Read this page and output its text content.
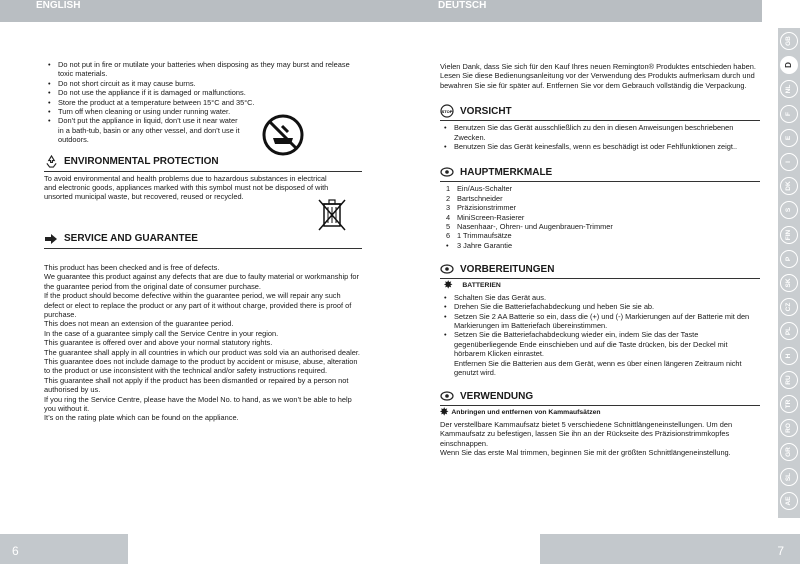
ENGLISH	DEUTSCH
GB
D
NL
F
E
I
DK
S
FIN
P
SK
CZ
PL
H
RU
TR
RO
GR
SL
AE
• Do not put in fire or mutilate your batteries when disposing as they may burst and release toxic materials.
• Do not short circuit as it may cause burns.
• Do not use the appliance if it is damaged or malfunctions.
• Store the product at a temperature between 15°C and 35°C.
• Turn off when cleaning or using under running water.
• Don’t put the appliance in liquid, don’t use it near water in a bath-tub, basin or any other vessel, and don’t use it outdoors.
ENVIRONMENTAL PROTECTION

To avoid environmental and health problems due to hazardous substances in electrical and electronic goods, appliances marked with this symbol must not be disposed of with unsorted municipal waste, but recovered, reused or recycled.

SERVICE AND GUARANTEE

This product has been checked and is free of defects.

We guarantee this product against any defects that are due to faulty material or workmanship for the guarantee period from the original date of consumer purchase.

If the product should become defective within the guarantee period, we will repair any such defect or elect to replace the product or any part of it without charge, provided there is proof of purchase.

This does not mean an extension of the guarantee period.

In the case of a guarantee simply call the Service Centre in your region.

This guarantee is offered over and above your normal statutory rights.

The guarantee shall apply in all countries in which our product was sold via an authorised dealer.

This guarantee does not include damage to the product by accident or misuse, abuse, alteration to the product or use inconsistent with the technical and/or safety instructions required.

This guarantee shall not apply if the product has been dismantled or repaired by a person not authorised by us.

If you ring the Service Centre, please have the Model No. to hand, as we won’t be able to help you without it.

It’s on the rating plate which can be found on the appliance.

Vielen Dank, dass Sie sich für den Kauf Ihres neuen Remington® Produktes entschieden haben.

Lesen Sie diese Bedienungsanleitung vor der Verwendung des Produkts aufmerksam durch und bewahren Sie sie für später auf. Entfernen Sie vor dem Gebrauch vollständig die Verpackung.

STOP VORSICHT
• Benutzen Sie das Gerät ausschließlich zu den in diesen Anweisungen beschriebenen Zwecken.
• Benutzen Sie das Gerät keinesfalls, wenn es beschädigt ist oder Fehlfunktionen zeigt..
HAUPTMERKMALE
1 Ein/Aus-Schalter
2 Bartschneider
3 Präzisionstrimmer
4 MiniScreen-Rasierer
5 Nasenhaar-, Ohren- und Augenbrauen-Trimmer
6 1 Trimmaufsätze
• 3 Jahre Garantie
VORBEREITUNGEN
✸ BATTERIEN
• Schalten Sie das Gerät aus.
• Drehen Sie die Batteriefachabdeckung und heben Sie sie ab.
• Setzen Sie 2 AA Batterie so ein, dass die (+) und (-) Markierungen auf der Batterie mit den Markierungen im Batteriefach übereinstimmen.
• Setzen Sie die Batteriefachabdeckung wieder ein, indem Sie das der Taste gegenüberliegende Ende einschieben und auf die Taste drücken, bis der Deckel mit hörbarem Klicken einrastet.

Entfernen Sie die Batterien aus dem Gerät, wenn es über einen längeren Zeitraum nicht genutzt wird.

VERWENDUNG
✸ Anbringen und entfernen von Kammaufsätzen

Der verstellbare Kammaufsatz bietet 5 verschiedene Schnittlängeneinstellungen. Um den Kammaufsatz zu befestigen, lassen Sie ihn an der Rückseite des Präzisionstrimmkopfes einschnappen.

Wenn Sie das erste Mal trimmen, beginnen Sie mit der größten Schnittlängeneinstellung.

6	7
